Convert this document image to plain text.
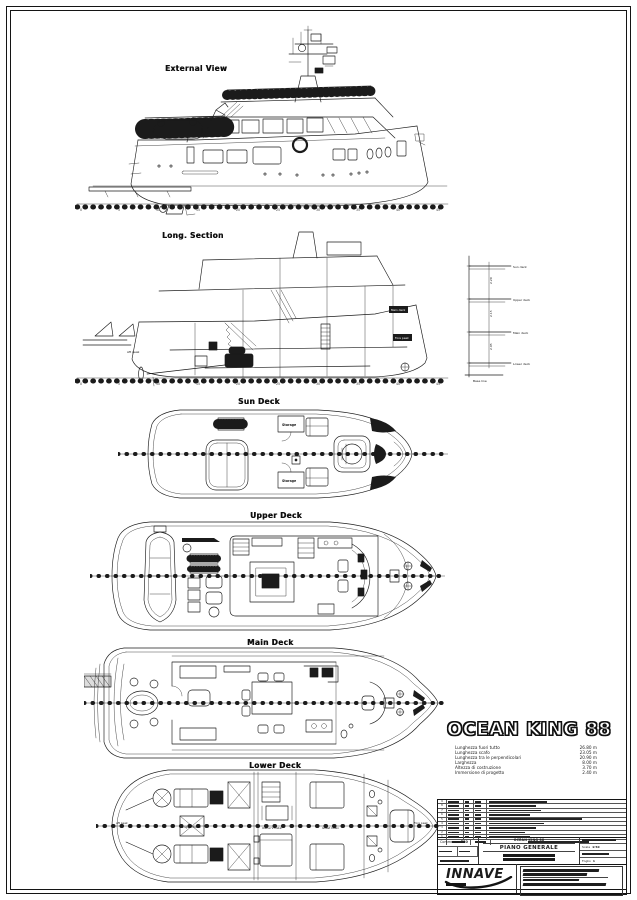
External View
0	5	10	15	20	25	30	35	40	45
Long. Section

Aft peak
Main deck
Fore peak
0	5	10	15	20	25	30	35	40	45
Sun deck
Upper deck
Main deck
Lower deck
2.20
2.15
2.05
Base line
Sun Deck
Storage
Storage
Upper Deck
Main Deck
Lower Deck
Aft peak
Engine Room	Owner's Cabin	Guest Cabin
Fore peak
OCEAN KING 88
Lunghezza fuori tutto	26.80 m
Lunghezza scafo	23.05 m
Lunghezza tra le perpendicolari	20.90 m
Larghezza	8.00 m
Altezza di costruzione	3.70 m
Immersione di progetto	2.40 m
9
8
7
6
5
4
3
2
1
Commessa 730	OCEAN KING 88
PIANO GENERALE	Scala 1:50
Foglio 1
INNAVE
